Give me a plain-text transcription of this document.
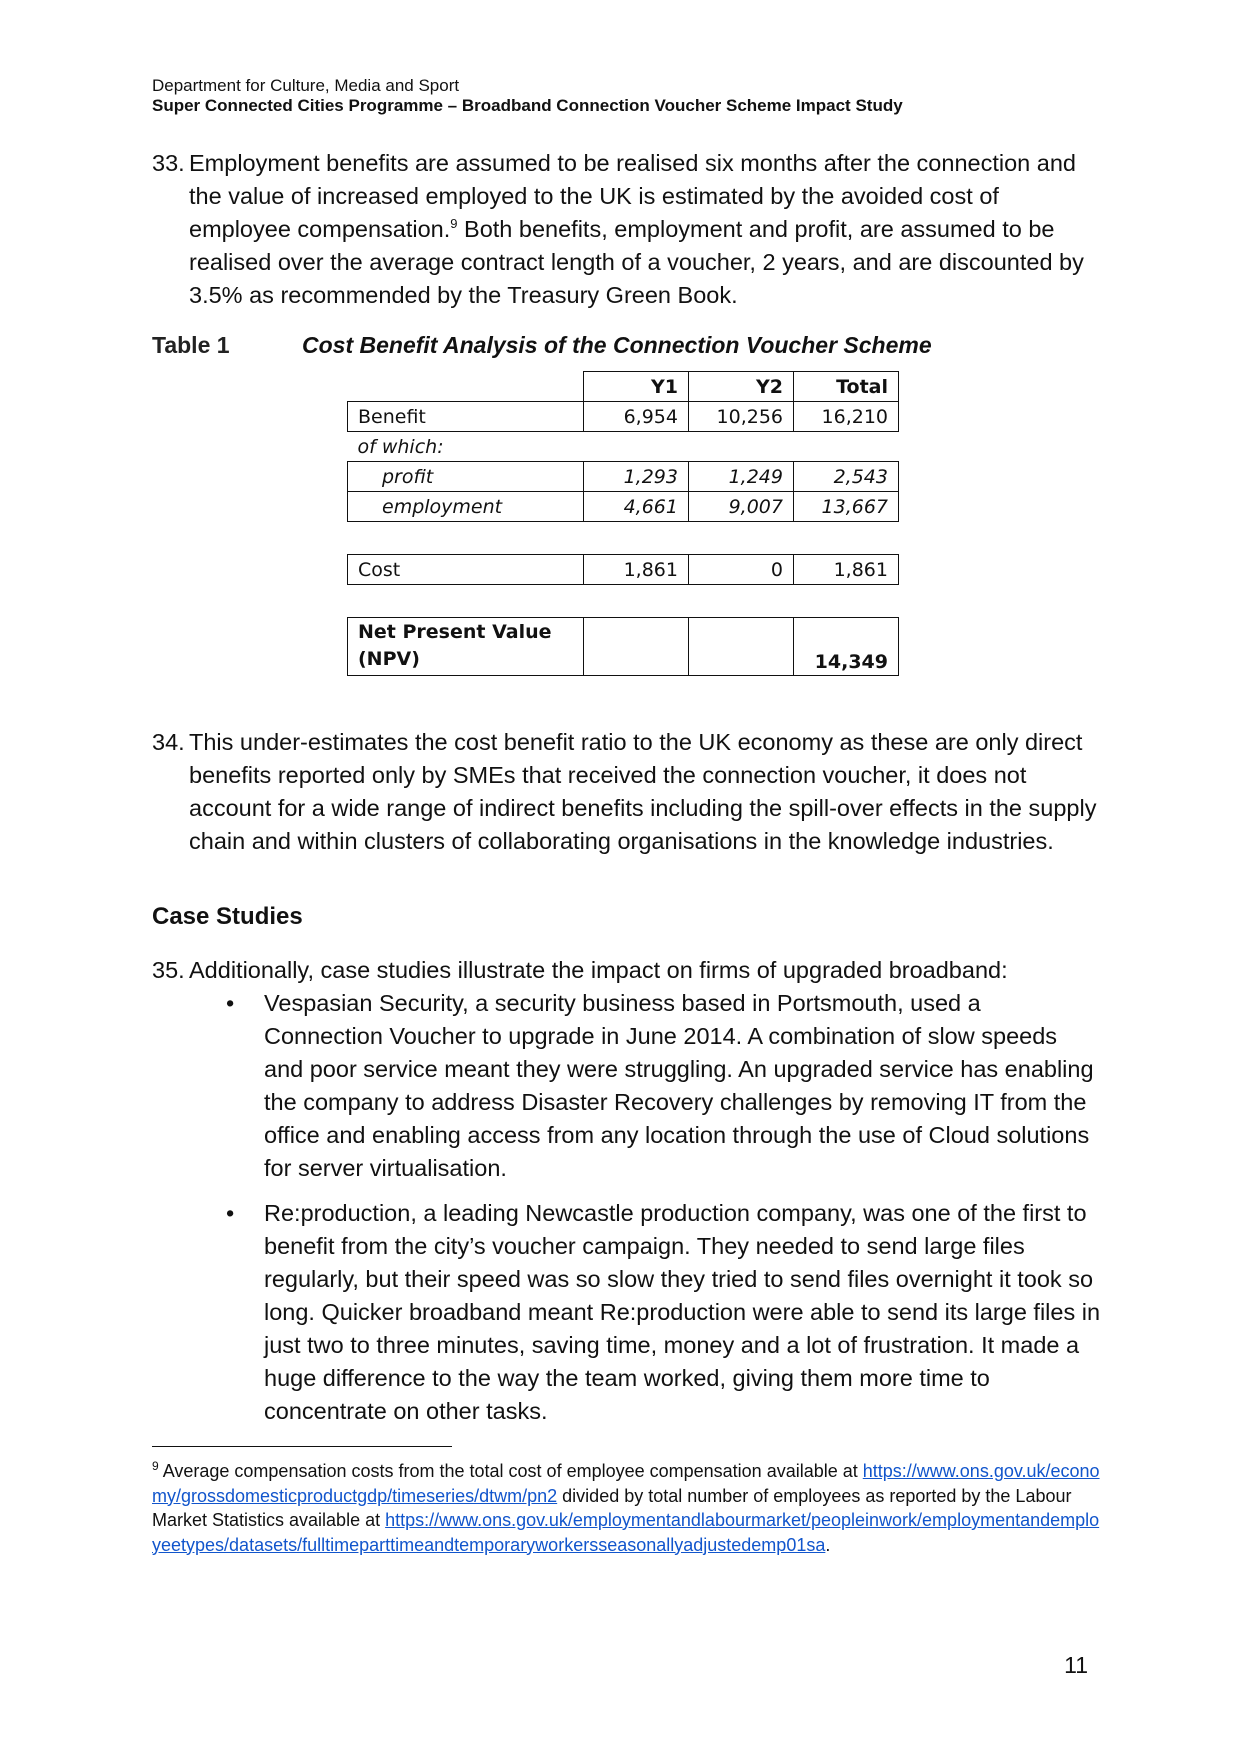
Department for Culture, Media and Sport
Super Connected Cities Programme – Broadband Connection Voucher Scheme Impact Study
33. Employment benefits are assumed to be realised six months after the connection and the value of increased employed to the UK is estimated by the avoided cost of employee compensation.$^9$ Both benefits, employment and profit, are assumed to be realised over the average contract length of a voucher, 2 years, and are discounted by 3.5% as recommended by the Treasury Green Book.
Table 1	Cost Benefit Analysis of the Connection Voucher Scheme
	Y1	Y2	Total
Benefit	6,954	10,256	16,210
of which:			
profit	1,293	1,249	2,543
employment	4,661	9,007	13,667

Cost	1,861	0	1,861

Net Present Value
(NPV)			14,349
34. This under-estimates the cost benefit ratio to the UK economy as these are only direct benefits reported only by SMEs that received the connection voucher, it does not account for a wide range of indirect benefits including the spill-over effects in the supply chain and within clusters of collaborating organisations in the knowledge industries.
Case Studies
35. Additionally, case studies illustrate the impact on firms of upgraded broadband:
• Vespasian Security, a security business based in Portsmouth, used a Connection Voucher to upgrade in June 2014. A combination of slow speeds and poor service meant they were struggling. An upgraded service has enabling the company to address Disaster Recovery challenges by removing IT from the office and enabling access from any location through the use of Cloud solutions for server virtualisation.
• Re:production, a leading Newcastle production company, was one of the first to benefit from the city’s voucher campaign. They needed to send large files regularly, but their speed was so slow they tried to send files overnight it took so long. Quicker broadband meant Re:production were able to send its large files in just two to three minutes, saving time, money and a lot of frustration. It made a huge difference to the way the team worked, giving them more time to concentrate on other tasks.
$^9$ Average compensation costs from the total cost of employee compensation available at https://www.ons.gov.uk/economy/grossdomesticproductgdp/timeseries/dtwm/pn2 divided by total number of employees as reported by the Labour Market Statistics available at https://www.ons.gov.uk/employmentandlabourmarket/peopleinwork/employmentandemployeetypes/datasets/fulltimeparttimeandtemporaryworkersseasonallyadjustedemp01sa.
11
